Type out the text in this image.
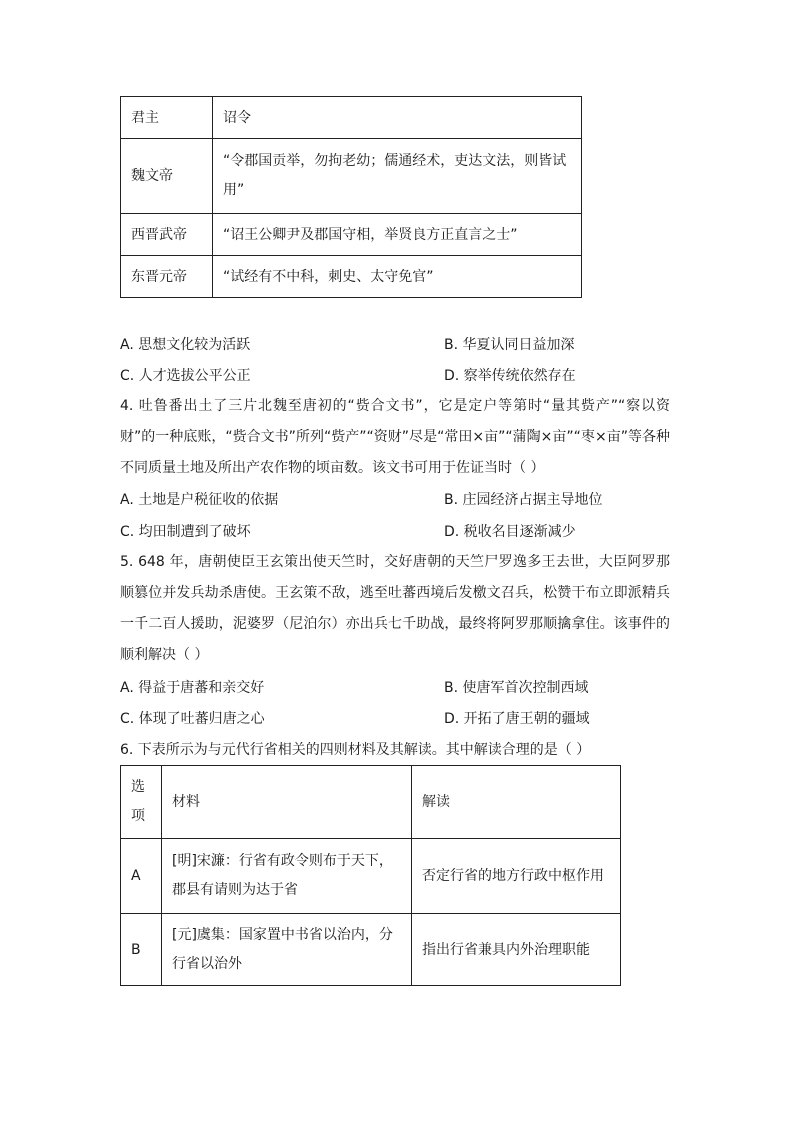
君主	诏令
魏文帝	“令郡国贡举，勿拘老幼；儒通经术，吏达文法，则皆试用”
西晋武帝	“诏王公卿尹及郡国守相，举贤良方正直言之士”
东晋元帝	“试经有不中科，刺史、太守免官”
A. 思想文化较为活跃	B. 华夏认同日益加深
C. 人才选拔公平公正	D. 察举传统依然存在
4. 吐鲁番出土了三片北魏至唐初的“赀合文书”，它是定户等第时“量其赀产”“察以资财”的一种底账，“赀合文书”所列“赀产”“资财”尽是“常田×亩”“蒲陶×亩”“枣×亩”等各种不同质量土地及所出产农作物的顷亩数。该文书可用于佐证当时（ ）
A. 土地是户税征收的依据	B. 庄园经济占据主导地位
C. 均田制遭到了破坏	D. 税收名目逐渐减少
5. 648 年，唐朝使臣王玄策出使天竺时，交好唐朝的天竺尸罗逸多王去世，大臣阿罗那顺篡位并发兵劫杀唐使。王玄策不敌，逃至吐蕃西境后发檄文召兵，松赞干布立即派精兵一千二百人援助，泥婆罗（尼泊尔）亦出兵七千助战，最终将阿罗那顺擒拿住。该事件的顺利解决（ ）
A. 得益于唐蕃和亲交好	B. 使唐军首次控制西域
C. 体现了吐蕃归唐之心	D. 开拓了唐王朝的疆域
6. 下表所示为与元代行省相关的四则材料及其解读。其中解读合理的是（ ）
选项	材料	解读
A	[明]宋濂：行省有政令则布于天下，郡县有请则为达于省	否定行省的地方行政中枢作用
B	[元]虞集：国家置中书省以治内，分行省以治外	指出行省兼具内外治理职能
